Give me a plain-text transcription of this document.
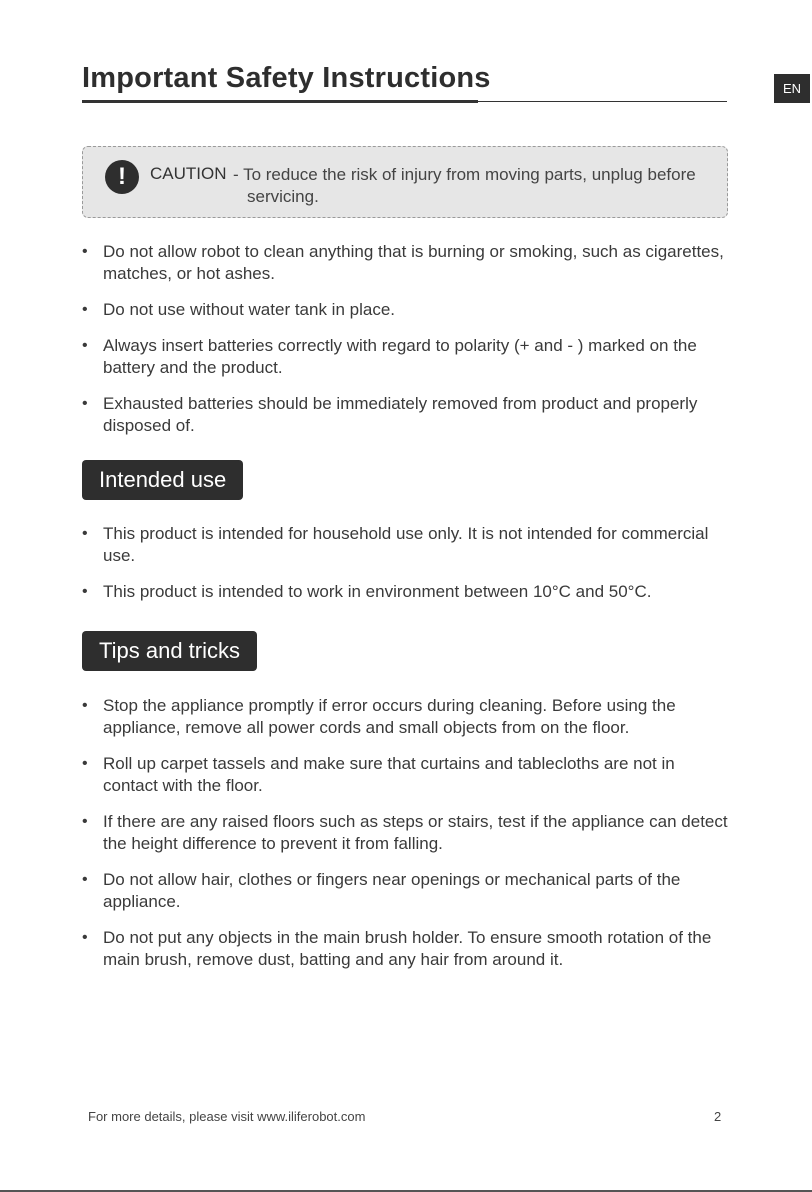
EN
Important Safety Instructions
!	CAUTION - To reduce the risk of injury from moving parts, unplug before servicing.
• Do not allow robot to clean anything that is burning or smoking, such as cigarettes, matches, or hot ashes.
• Do not use without water tank in place.
• Always insert batteries correctly with regard to polarity (+ and - ) marked on the battery and the product.
• Exhausted batteries should be immediately removed from product and properly disposed of.
Intended use
• This product is intended for household use only. It is not intended for commercial use.
• This product is intended to work in environment between 10°C and 50°C.
Tips and tricks
• Stop the appliance promptly if error occurs during cleaning. Before using the appliance, remove all power cords and small objects from on the floor.
• Roll up carpet tassels and make sure that curtains and tablecloths are not in contact with the floor.
• If there are any raised floors such as steps or stairs, test if the appliance can detect the height difference to prevent it from falling.
• Do not allow hair, clothes or fingers near openings or mechanical parts of the appliance.
• Do not put any objects in the main brush holder. To ensure smooth rotation of the main brush, remove dust, batting and any hair from around it.
For more details, please visit www.iliferobot.com	2
